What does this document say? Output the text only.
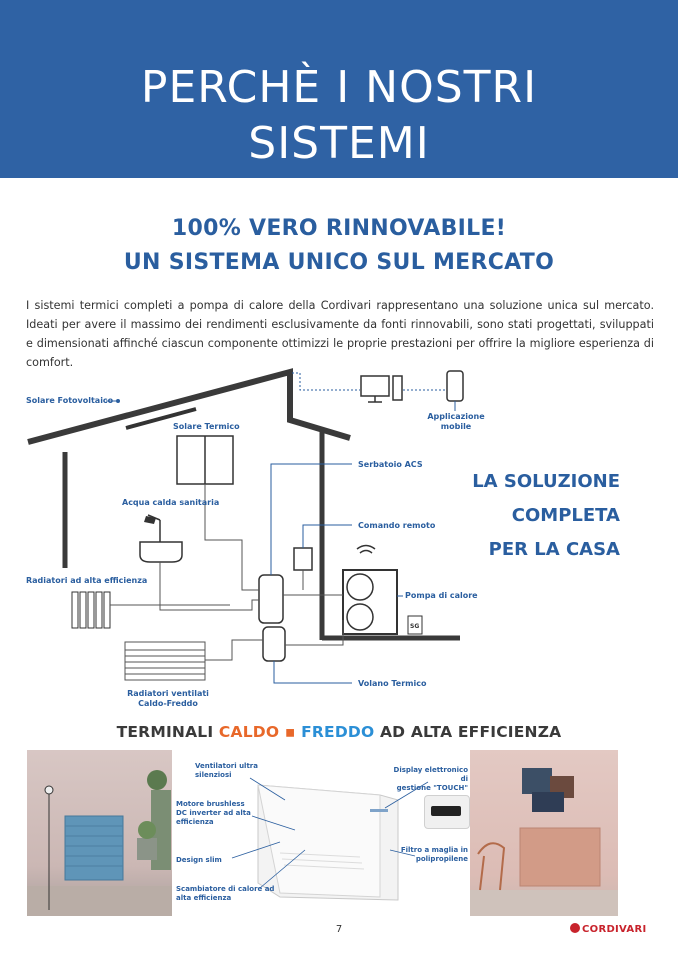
PERCHÈ I NOSTRI
SISTEMI
100% VERO RINNOVABILE!
UN SISTEMA UNICO SUL MERCATO
I sistemi termici completi a pompa di calore della Cordivari rappresentano una soluzione unica sul mercato. Ideati per avere il massimo dei rendimenti esclusivamente da fonti rinnovabili, sono stati progettati, sviluppati e dimensionati affinché ciascun componente ottimizzi le proprie prestazioni per offrire la migliore esperienza di comfort.
SG
Solare Fotovoltaico
Solare Termico
Acqua calda sanitaria
Radiatori ad alta efficienza
Radiatori ventilati
Caldo-Freddo
Applicazione
mobile
Serbatoio ACS
Comando remoto
Pompa di calore
Volano Termico
LA SOLUZIONE
COMPLETA
PER LA CASA
TERMINALI CALDO ▪ FREDDO AD ALTA EFFICIENZA
Ventilatori ultra
silenziosi
Motore brushless
DC inverter ad alta
efficienza
Design slim
Scambiatore di calore ad
alta efficienza
Display elettronico di
gestione "TOUCH"
Filtro a maglia in
polipropilene
7	CORDIVARI
